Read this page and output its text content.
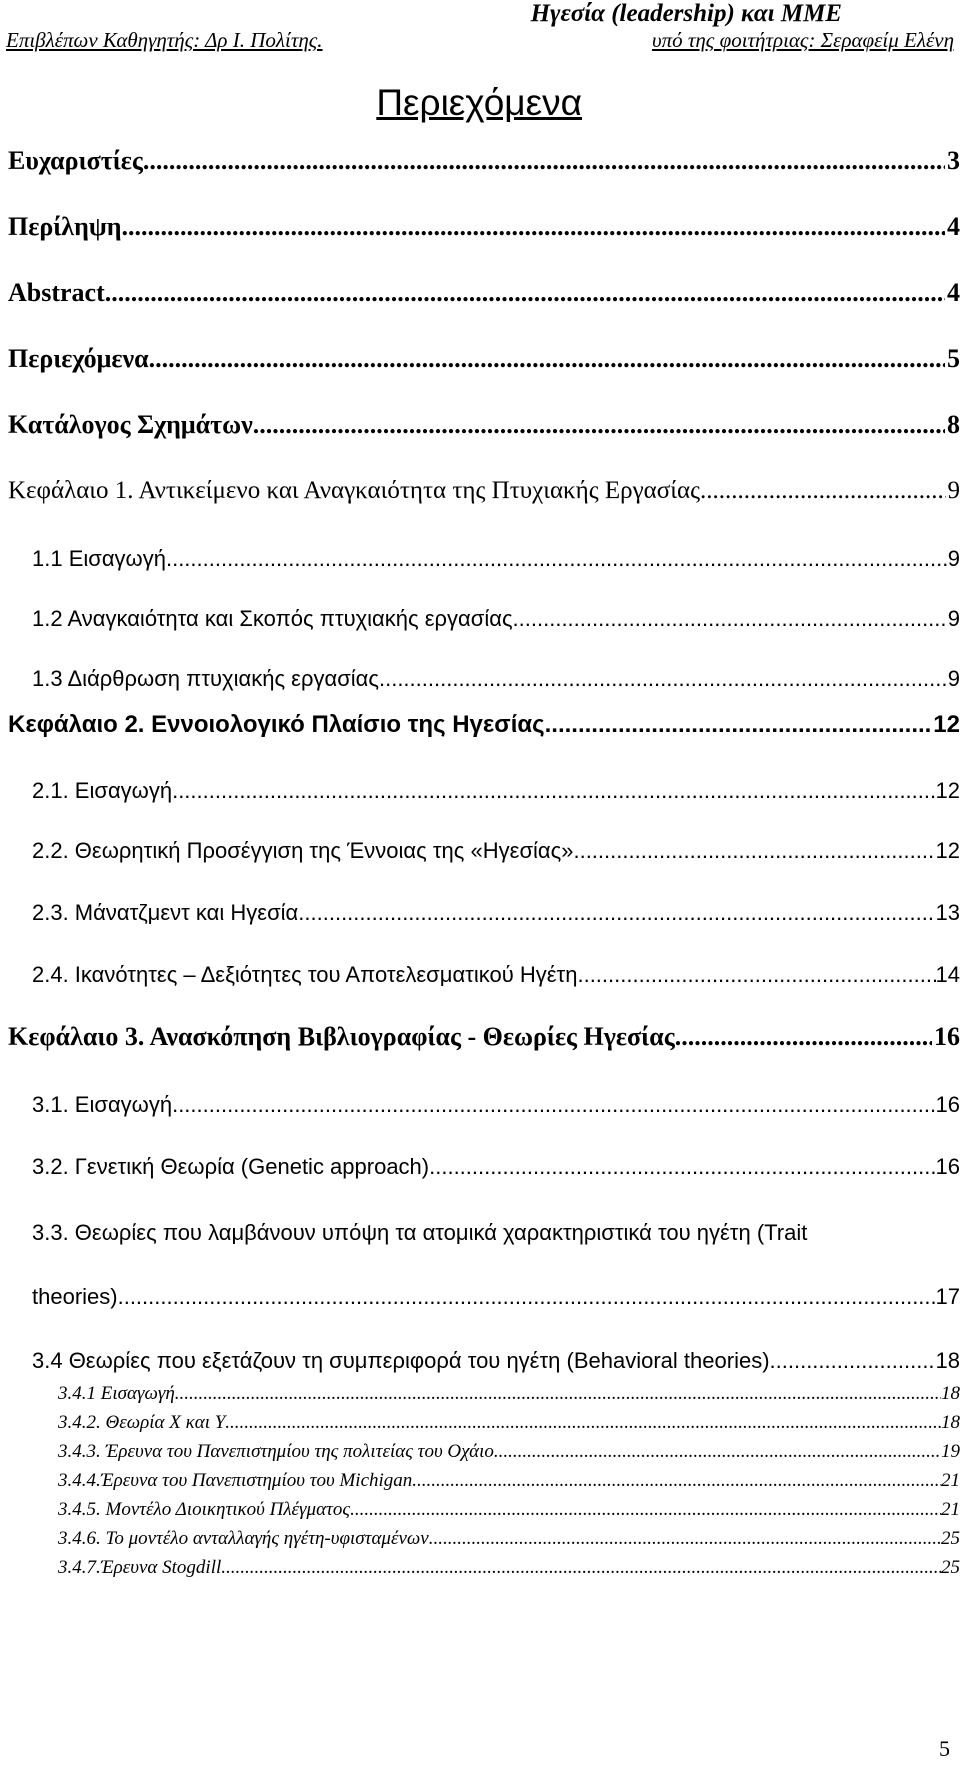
Ηγεσία (leadership) και ΜΜΕ
Επιβλέπων Καθηγητής: Δρ Ι. Πολίτης.	υπό της φοιτήτριας: Σεραφείμ Ελένη
Περιεχόμενα
Ευχαριστίες .....	3
Περίληψη .....	4
Abstract .....	4
Περιεχόμενα .....	5
Κατάλογος Σχημάτων .....	8
Κεφάλαιο 1. Αντικείμενο και Αναγκαιότητα της Πτυχιακής Εργασίας .....	9
1.1 Εισαγωγή .....	9
1.2 Αναγκαιότητα και Σκοπός πτυχιακής εργασίας .....	9
1.3 Διάρθρωση πτυχιακής εργασίας .....	9
Κεφάλαιο 2. Εννοιολογικό Πλαίσιο της Ηγεσίας .....	12
2.1. Εισαγωγή .....	12
2.2. Θεωρητική Προσέγγιση της Έννοιας της «Ηγεσίας» .....	12
2.3. Μάνατζμεντ και Ηγεσία .....	13
2.4. Ικανότητες – Δεξιότητες του Αποτελεσματικού Ηγέτη .....	14
Κεφάλαιο 3. Ανασκόπηση Βιβλιογραφίας - Θεωρίες Ηγεσίας .....	16
3.1. Εισαγωγή .....	16
3.2. Γενετική Θεωρία (Genetic approach) .....	16
3.3. Θεωρίες που λαμβάνουν υπόψη τα ατομικά χαρακτηριστικά του ηγέτη (Trait
theories) .....	17
3.4 Θεωρίες που εξετάζουν τη συμπεριφορά του ηγέτη (Behavioral theories) .....	18
3.4.1 Εισαγωγή .....	18
3.4.2. Θεωρία Χ και Υ .....	18
3.4.3. Έρευνα του Πανεπιστημίου της πολιτείας του Οχάιο .....	19
3.4.4.Έρευνα του Πανεπιστημίου του Michigan .....	21
3.4.5. Μοντέλο Διοικητικού Πλέγματος .....	21
3.4.6. Το μοντέλο ανταλλαγής ηγέτη-υφισταμένων .....	25
3.4.7.Έρευνα Stogdill .....	25
5
